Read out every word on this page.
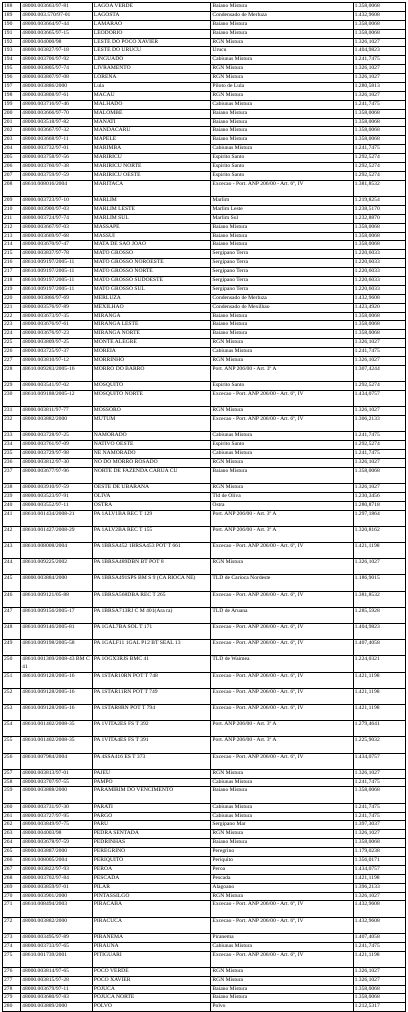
188	48000.003663/97-81	LAGOA VERDE	Baiano Mistura	1.358,0068
189	48000.003.570/97-01	LAGOSTA	Condensado de Merluza	1.432,9608
190	48000.003664/97-44	LAMARAO	Baiano Mistura	1.358,0068
191	48000.003665/97-15	LEODORIO	Baiano Mistura	1.358,0068
192	48000.004000/98	LESTE DO POCO XAVIER	RGN Mistura	1.326,1027
193	48000.003827/97-18	LESTE DO URUCU	Urucu	1.404,9823
194	48000.003706/97-92	LINGUADO	Cabiunas Mistura	1.241,7475
195	48000.003805/97-74	LIVRAMENTO	RGN Mistura	1.326,1027
196	48000.003807/97-08	LORENA	RGN Mistura	1.326,1027
197	48000.003886/2000	Lula	Piloto de Lula	1.280,5813
198	48000.003808/97-61	MACAU	RGN Mistura	1.326,1027
199	48000.003716/97-46	MALHADO	Cabiunas Mistura	1.241,7475
200	48000.003666/97-70	MALOMBE	Baiano Mistura	1.358,0068
201	48000.003518/97-82	MANATI	Baiano Mistura	1.358,0068
202	48000.003667/97-32	MANDACARU	Baiano Mistura	1.358,0068
203	48000.003668/97-11	MAPELE	Baiano Mistura	1.358,0068
204	48000.003732/97-01	MARIMBA	Cabiunas Mistura	1.241,7475
205	48000.003758/97-56	MARIRICU	Espirito Santo	1.292,5274
206	48000.003760/97-38	MARIRICU NORTE	Espirito Santo	1.292,5274
207	48000.003759/97-59	MARIRICU OESTE	Espirito Santo	1.292,5274
208	48610.008016/2004	MARITACA	Excecao - Port. ANP 206/00 - Art. 6º, IV	1.381,8532
209	48000.003723/97-10	MARLIM	Marlim	1.219,8254
210	48000.003900/97-03	MARLIM LESTE	Marlim Leste	1.238,5170
211	48000.003724/97-74	MARLIM SUL	Marlim Sul	1.232,8870
212	48000.003667/97-03	MASSAPE	Baiano Mistura	1.358,0068
213	48000.003669/97-68	MASSUI	Baiano Mistura	1.358,0068
214	48000.003670/97-47	MATA DE SAO JOAO	Baiano Mistura	1.358,0068
215	48000.003837/97-78	MATO GROSSO	Sergipano Terra	1.220,6033
216	48610.009197/2005-11	MATO GROSSO NOROESTE	Sergipano Terra	1.220,6033
217	48610.009197/2005-11	MATO GROSSO NORTE	Sergipano Terra	1.220,6033
218	48610.009197/2005-11	MATO GROSSO SUDOESTE	Sergipano Terra	1.220,6033
219	48610.009197/2005-11	MATO GROSSO SUL	Sergipano Terra	1.220,6033
220	48000.003866/97-69	MERLUZA	Condensado de Merluza	1.432,9608
221	48000.003576/97-89	MEXILHAO	Condensado de Mexilhao	1.423,4920
222	48000.003673/97-35	MIRANGA	Baiano Mistura	1.358,0068
223	48000.003676/97-61	MIRANGA LESTE	Baiano Mistura	1.358,0068
224	48000.003676/97-23	MIRANGA NORTE	Baiano Mistura	1.358,0068
225	48000.003809/97-25	MONTE ALEGRE	RGN Mistura	1.326,1027
226	48000.003725/97-37	MOREIA	Cabiunas Mistura	1.241,7475
227	48000.003810/97-12	MORRINHO	RGN Mistura	1.326,1027
228	48610.009283/2005-16	MORRO DO BARRO	Port. ANP 206/00 - Art. 3º A	1.307,4244
229	48000.003541/97-02	MOSQUITO	Espirito Santo	1.292,5274
230	48610.009188/2005-12	MOSQUITO NORTE	Excecao - Port. ANP 206/00 - Art. 6º, IV	1.434,0757
231	48000.003811/97-77	MOSSORO	RGN Mistura	1.326,1027
232	48000.003882/2000	MUTUM	Excecao - Port. ANP 206/00 - Art. 6º, IV	1.306,2133
233	48000.003728/97-25	NAMORADO	Cabiunas Mistura	1.241,7475
234	48000.003761/97-09	NATIVO OESTE	Espirito Santo	1.292,5274
235	48000.003729/97-98	NE NAMORADO	Cabiunas Mistura	1.241,7475
236	48000.003812/97-30	NO DO MORRO ROSADO	RGN Mistura	1.326,1027
237	48000.003677/97-96	NORTE DE FAZENDA CARUA CU	Baiano Mistura	1.358,0068
238	48000.003910/97-59	OESTE DE UBARANA	RGN Mistura	1.326,1027
239	48000.003523/97-91	OLIVA	Tld de Oliva	1.230,3456
240	48000.003552/97-11	OSTRA	Ostra	1.280,8718
241	48610.001434/2008-21	PA 1ALV1BA REC T 129	Port. ANP 206/00 - Art. 3º A	1.297,1864
242	48610.001427/2008-29	PA 1ALV2BA REC T 155	Port. ANP 206/00 - Art. 3º A	1.320,8162
243	48610.008008/2004	PA 1BRSA452 1BRSA453 POT T 661	Excecao - Port. ANP 206/00 - Art. 6º, IV	1.421,1198
244	48610.009225/2002	PA 1BRSA489DBN BT POT 8	RGN Mistura	1.326,1027
245	48000.003884/2000	PA 1BRSA491SPS BM S 9 (CA RIOCA NE)	TLD de Carioca Nordeste	1.186,9015
246	48610.009121/05-88	PA 1BRSA568DBA REC T 265	Excecao - Port. ANP 206/00 - Art. 6º, IV	1.381,8532
247	48610.009156/2005-17	PA 1BRSA713RJ C M 401(Ara ra)	TLD de Aruana	1.285,5928
248	48610.009146/2005-81	PA 1GAL7BA SOL T 171	Excecao - Port. ANP 206/00 - Art. 6º, IV	1.404,9823
249	48610.009198/2005-58	PA 1GALF11 1GAL P12 BT SEAL 13	Excecao - Port. ANP 206/00 - Art. 6º, IV	1.407,4058
250	48610.001369/2008-43 BM C 41	PA 1OGX3RJS BMC 41	TLD de Waimea	1.224,0321
251	48610.009128/2005-16	PA 1STAR10RN POT T 748	Excecao - Port. ANP 206/00 - Art. 6º, IV	1.421,1198
252	48610.009128/2005-16	PA 1STAR11RN POT T 749	Excecao - Port. ANP 206/00 - Art. 6º, IV	1.421,1198
253	48610.009128/2005-16	PA 1STAR8RN POT T 794	Excecao - Port. ANP 206/00 - Art. 6º, IV	1.421,1198
254	48610.001402/2008-35	PA 1VITA2ES FS T 392	Port. ANP 206/00 - Art. 3º A	1.279,4641
255	48610.001402/2008-35	PA 1VITA4ES FS T 391	Port. ANP 206/00 - Art. 3º A	1.225,9032
256	48610.007984/2004	PA 4SSA416 ES T 373	Excecao - Port. ANP 206/00 - Art. 6º, IV	1.434,0757
257	48000.003813/97-01	PAJEU	RGN Mistura	1.326,1027
258	48000.003707/97-55	PAMPO	Cabiunas Mistura	1.241,7475
259	48000.003888/2000	PARAMIRIM DO VENCIMENTO	Baiano Mistura	1.358,0068
260	48000.003731/97-30	PARATI	Cabiunas Mistura	1.241,7475
261	48000.003727/97-95	PARGO	Cabiunas Mistura	1.241,7475
262	48000.003849/97-75	PARU	Sergipano Mar	1.397,3037
263	48000.004003/98	PEDRA SENTADA	RGN Mistura	1.326,1027
264	48000.003678/97-59	PEDRINHAS	Baiano Mistura	1.358,0068
265	48000.003887/2000	PEREGRINO	Peregrino	1.179,0238
266	48610.008005/2004	PERIQUITO	Periquito	1.356,0171
267	48000.003822/97-93	PEROA	Peroa	1.434,0757
268	48000.003702/97-84	PESCADA	Pescada	1.421,1198
269	48000.003859/97-01	PILAR	Alagoano	1.396,2133
270	48000.003901/2000	PINTASSILGO	RGN Mistura	1.326,1027
271	48610.008494/2003	PIRACABA	Excecao - Port. ANP 206/00 - Art. 6º, IV	1.432,9608
272	48000.003882/2000	PIRACUCA	Excecao - Port. ANP 206/00 - Art. 6º, IV	1.432,9608
273	48000.003495/97-89	PIRANEMA	Piranema	1.407,4058
274	48000.003733/97-65	PIRAUNA	Cabiunas Mistura	1.241,7475
275	48610.001739/2001	PITIGUARI	Excecao - Port. ANP 206/00 - Art. 6º, IV	1.421,1198
276	48000.003814/97-65	POCO VERDE	RGN Mistura	1.326,1027
277	48000.003815/97-28	POCO XAVIER	RGN Mistura	1.326,1027
278	48000.003679/97-11	POJUCA	Baiano Mistura	1.358,0068
279	48000.003680/97-83	POJUCA NORTE	Baiano Mistura	1.358,0068
280	48000.003889/2000	POLVO	Polvo	1.212,5317
